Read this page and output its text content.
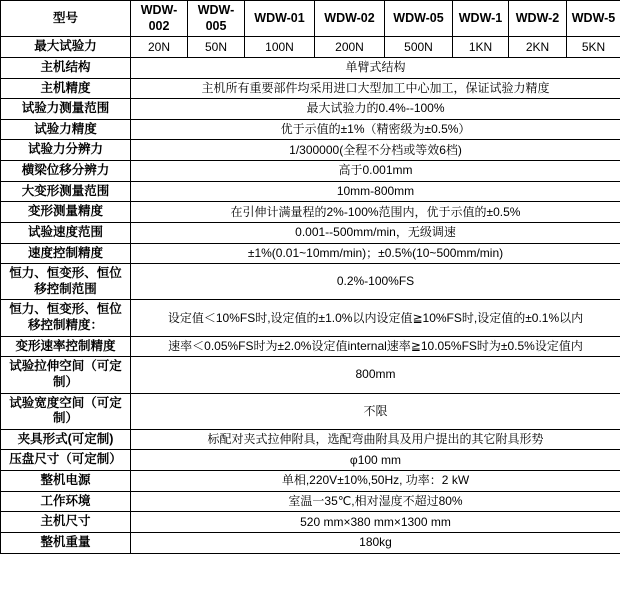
型号	WDW-002	WDW-005	WDW-01	WDW-02	WDW-05	WDW-1	WDW-2	WDW-5
最大试验力	20N	50N	100N	200N	500N	1KN	2KN	5KN
主机结构	单臂式结构							
主机精度	主机所有重要部件均采用进口大型加工中心加工，保证试验力精度							
试验力测量范围	最大试验力的0.4%--100%							
试验力精度	优于示值的±1%（精密级为±0.5%）							
试验力分辨力	1/300000(全程不分档或等效6档)							
横梁位移分辨力	高于0.001mm							
大变形测量范围	10mm-800mm							
变形测量精度	在引伸计满量程的2%-100%范围内，优于示值的±0.5%							
试验速度范围	0.001--500mm/min，无级调速							
速度控制精度	±1%(0.01~10mm/min)；±0.5%(10~500mm/min)							
恒力、恒变形、恒位移控制范围	0.2%-100%FS							
恒力、恒变形、恒位移控制精度：	设定值＜10%FS时,设定值的±1.0%以内设定值≧10%FS时,设定值的±0.1%以内							
变形速率控制精度	速率＜0.05%FS时为±2.0%设定值internal速率≧10.05%FS时为±0.5%设定值内							
试验拉伸空间（可定制）	800mm							
试验宽度空间（可定制）	不限							
夹具形式(可定制)	标配对夹式拉伸附具，选配弯曲附具及用户提出的其它附具形势							
压盘尺寸（可定制）	φ100 mm							
整机电源	单相,220V±10%,50Hz, 功率：2 kW							
工作环境	室温一35℃,相对湿度不超过80%							
主机尺寸	520 mm×380 mm×1300 mm							
整机重量	180kg							
